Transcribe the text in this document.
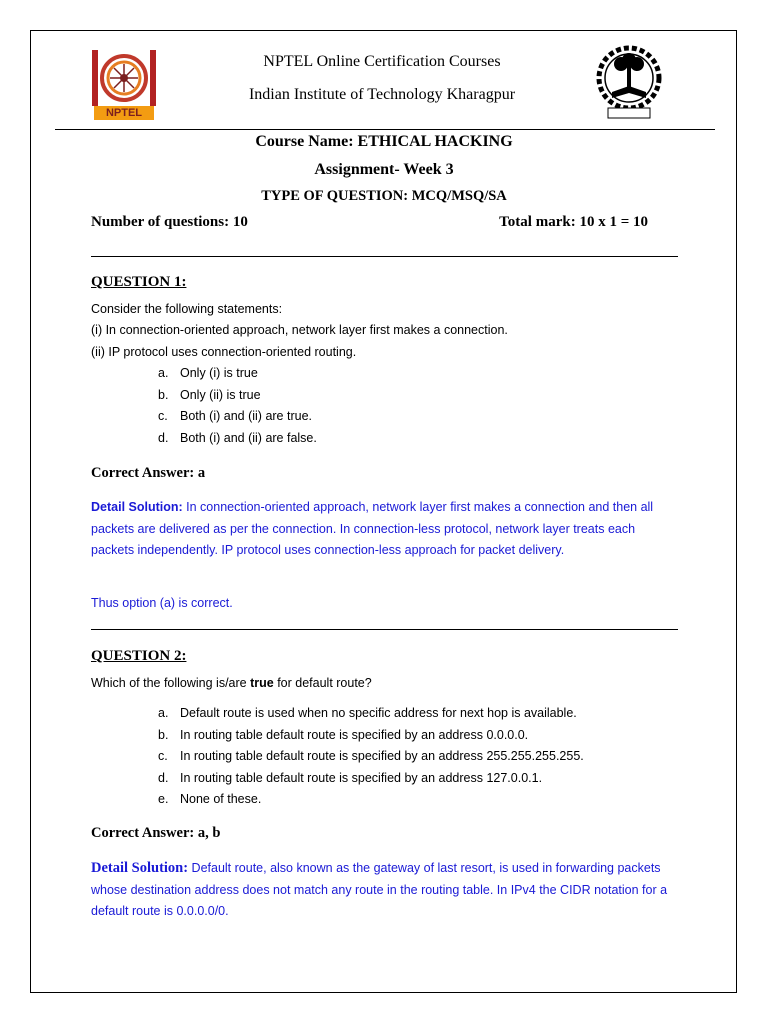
NPTEL
NPTEL Online Certification Courses
Indian Institute of Technology Kharagpur
Course Name: ETHICAL HACKING
Assignment- Week 3
TYPE OF QUESTION: MCQ/MSQ/SA
Number of questions: 10	Total mark: 10 x 1 = 10
QUESTION 1:
Consider the following statements:
(i) In connection-oriented approach, network layer first makes a connection.
(ii) IP protocol uses connection-oriented routing.
a. Only (i) is true
b. Only (ii) is true
c. Both (i) and (ii) are true.
d. Both (i) and (ii) are false.
Correct Answer: a
Detail Solution: In connection-oriented approach, network layer first makes a connection and then all packets are delivered as per the connection. In connection-less protocol, network layer treats each packets independently. IP protocol uses connection-less approach for packet delivery.
Thus option (a) is correct.
QUESTION 2:
Which of the following is/are true for default route?
a. Default route is used when no specific address for next hop is available.
b. In routing table default route is specified by an address 0.0.0.0.
c. In routing table default route is specified by an address 255.255.255.255.
d. In routing table default route is specified by an address 127.0.0.1.
e. None of these.
Correct Answer: a, b
Detail Solution: Default route, also known as the gateway of last resort, is used in forwarding packets whose destination address does not match any route in the routing table. In IPv4 the CIDR notation for a default route is 0.0.0.0/0.
